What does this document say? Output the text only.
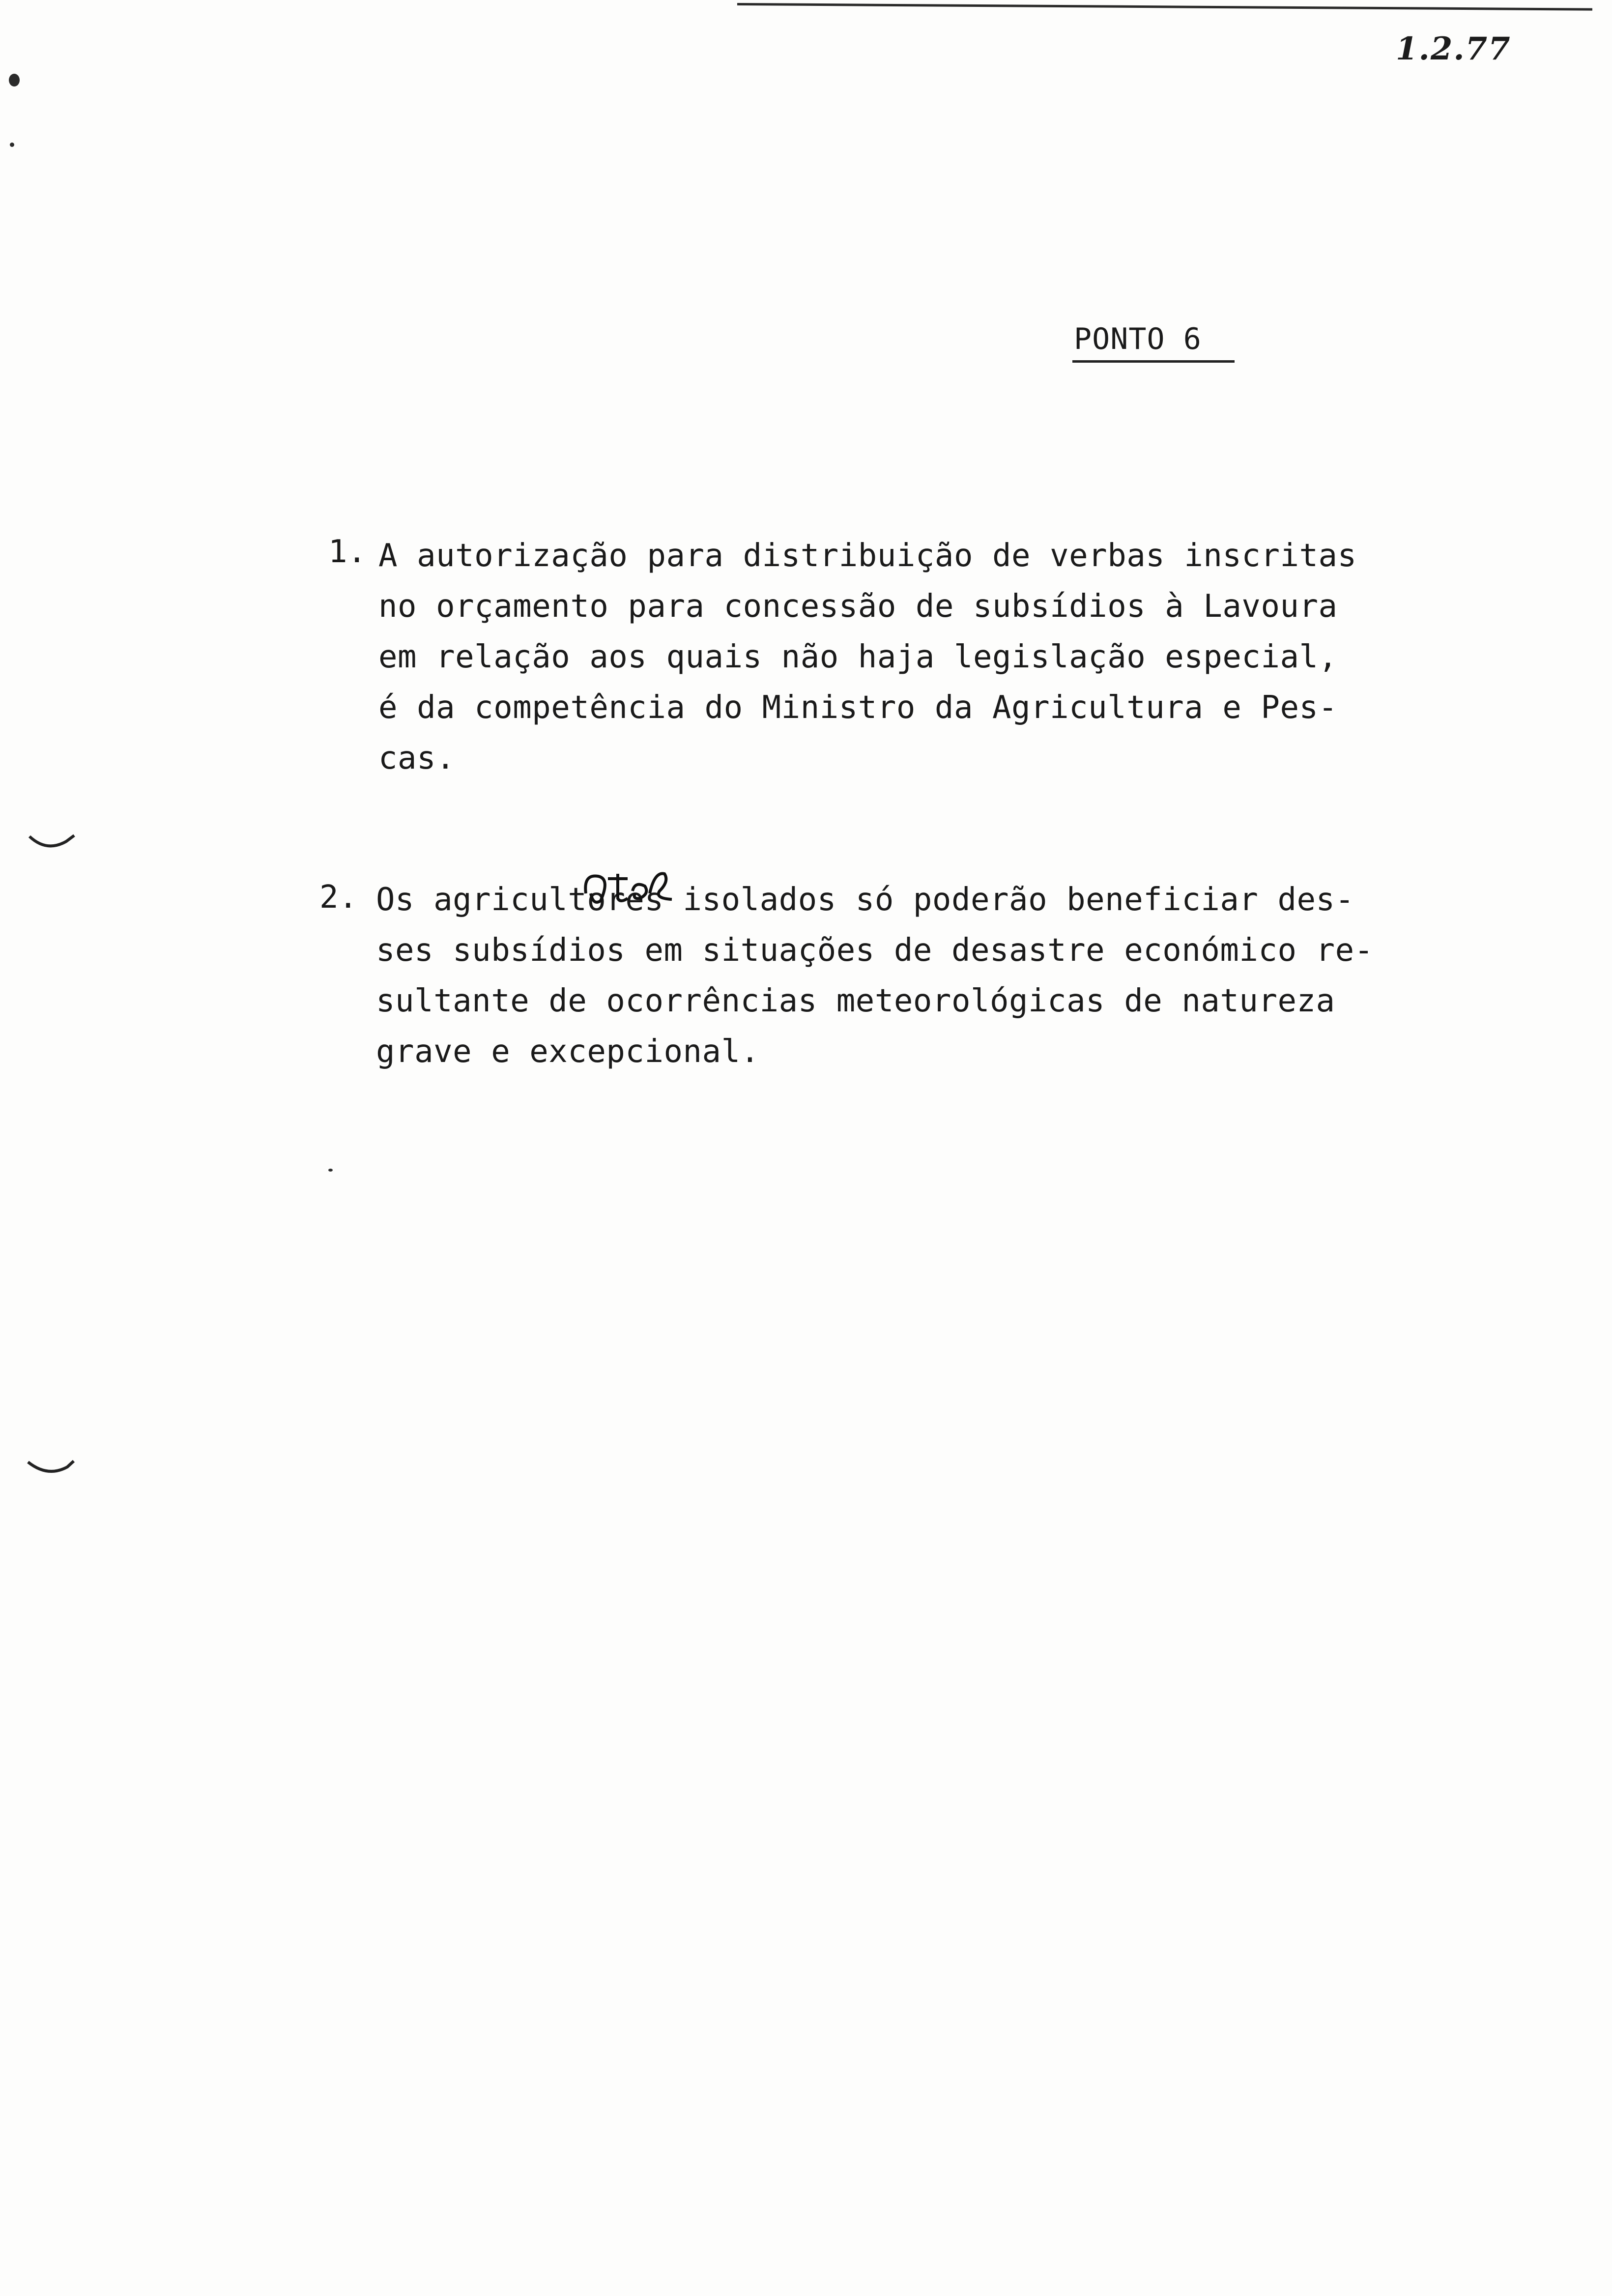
1.2.77
PONTO 6
1. A autorização para distribuição de verbas inscritas
no orçamento para concessão de subsídios à Lavoura
em relação aos quais não haja legislação especial,
é da competência do Ministro da Agricultura e Pes-
cas.
2. Os agricultores isolados só poderão beneficiar des-
ses subsídios em situações de desastre económico re-
sultante de ocorrências meteorológicas de natureza
grave e excepcional.
